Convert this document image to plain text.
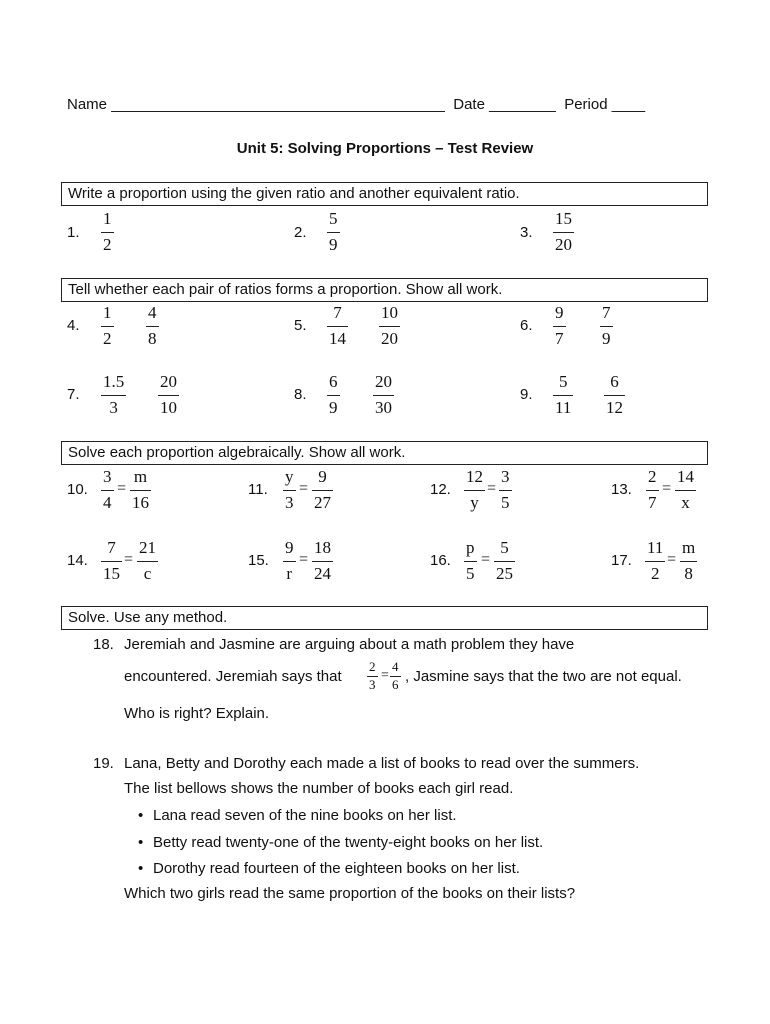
Name ________________________________________ Date ________ Period ____
Unit 5: Solving Proportions – Test Review
Write a proportion using the given ratio and another equivalent ratio.
1.
1
2
2.
5
9
3.
15
20
Tell whether each pair of ratios forms a proportion. Show all work.
4.
1
2
4
8
5.
7
14
10
20
6.
9
7
7
9
7.
1.5
3
20
10
8.
6
9
20
30
9.
5
11
6
12
Solve each proportion algebraically. Show all work.
10.
3
4
=
m
16
11.
y
3
=
9
27
12.
12
y
=
3
5
13.
2
7
=
14
x
14.
7
15
=
21
c
15.
9
r
=
18
24
16.
p
5
=
5
25
17.
11
2
=
m
8
Solve. Use any method.
18. Jeremiah and Jasmine are arguing about a math problem they have
encountered. Jeremiah says that
2
3
=
4
6 , Jasmine says that the two are not equal.
Who is right? Explain.
19. Lana, Betty and Dorothy each made a list of books to read over the summers.
The list bellows shows the number of books each girl read.
• Lana read seven of the nine books on her list.
• Betty read twenty-one of the twenty-eight books on her list.
• Dorothy read fourteen of the eighteen books on her list.
Which two girls read the same proportion of the books on their lists?
